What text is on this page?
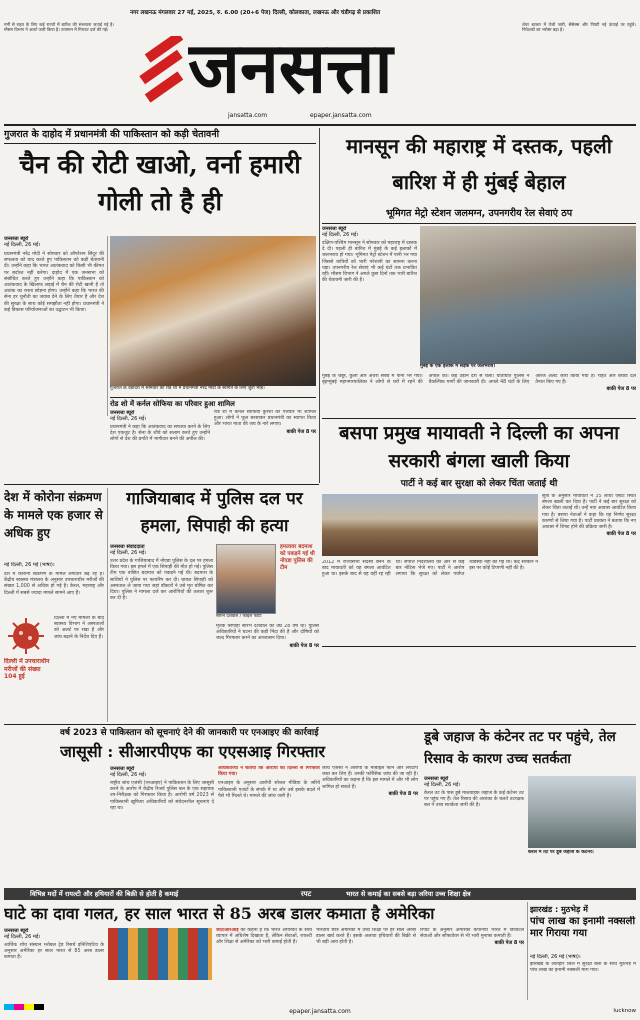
नगर लखनऊ मंगलवार 27 मई, 2025, रु. 6.00 (20+6 पेज) दिल्ली, कोलकाता, लखनऊ और चंडीगढ़ से प्रकाशित
जनसत्ता
jansatta.com	epaper.jansatta.com
गर्मी से राहत के लिए कई राज्यों में बारिश की संभावना जताई गई है। मौसम विभाग ने अलर्ट जारी किया है। तापमान में गिरावट दर्ज की गई।
शेयर बाजार में तेजी जारी, सेंसेक्स और निफ्टी नई ऊंचाई पर पहुंचे। निवेशकों का भरोसा बढ़ा है।
गुजरात के दाहोद में प्रधानमंत्री की पाकिस्तान को कड़ी चेतावनी
चैन की रोटी खाओ, वर्ना हमारी गोली तो है ही
जनसत्ता ब्यूरो
नई दिल्ली, 26 मई।
प्रधानमंत्री नरेंद्र मोदी ने सोमवार को ऑपरेशन सिंदूर की सफलता को याद करते हुए पाकिस्तान को कड़ी चेतावनी दी। उन्होंने कहा कि भारत आतंकवाद को किसी भी कीमत पर बर्दाश्त नहीं करेगा। दाहोद में एक जनसभा को संबोधित करते हुए उन्होंने कहा कि पाकिस्तान को आतंकवाद के खिलाफ लड़ाई में चैन की रोटी खानी है तो आतंक का रास्ता छोड़ना होगा। उन्होंने कहा कि भारत की सेना हर चुनौती का जवाब देने के लिए तैयार है और देश की सुरक्षा के साथ कोई समझौता नहीं होगा। प्रधानमंत्री ने कई विकास परियोजनाओं का उद्घाटन भी किया।
गुजरात के वडोदरा में सोमवार को रोड शो में प्रधानमंत्री नरेंद्र मोदी के स्वागत के लिए जुटी भीड़।
रोड शो में कर्नल सोफिया का परिवार हुआ शामिल
जनसत्ता ब्यूरो
नई दिल्ली, 26 मई।
प्रधानमंत्री ने कहा कि आतंकवाद का सफाया करने के लिए देश एकजुट है। सेना के शौर्य को सलाम करते हुए उन्होंने लोगों से देश की प्रगति में भागीदार बनने की अपील की।
रोड शो में कर्नल सोफिया कुरैशी का परिवार भी शामिल हुआ। लोगों ने फूल बरसाकर प्रधानमंत्री का स्वागत किया और भारत माता की जय के नारे लगाए।
बाकी पेज 8 पर
मानसून की महाराष्ट्र में दस्तक, पहली बारिश में ही मुंबई बेहाल
भूमिगत मेट्रो स्टेशन जलमग्न, उपनगरीय रेल सेवाएं ठप
जनसत्ता ब्यूरो
नई दिल्ली, 26 मई।
दक्षिण-पश्चिम मानसून ने सोमवार को महाराष्ट्र में दस्तक दे दी। पहली ही बारिश में मुंबई के कई इलाकों में जलभराव हो गया। भूमिगत मेट्रो स्टेशन में पानी भर गया जिससे यात्रियों को भारी परेशानी का सामना करना पड़ा। उपनगरीय रेल सेवाएं भी कई घंटों तक प्रभावित रहीं। मौसम विभाग ने अगले कुछ दिनों तक भारी बारिश की चेतावनी जारी की है।
मुंबई के एक इलाके में सड़क पर जलभराव।
मुंबई के चेंबूर, कुर्ला और अंधेरी सबवे में पानी भर गया। बृहन्मुंबई महानगरपालिका ने लोगों से घरों में रहने की अपील की। कई उड़ानें देरी से चलीं। यातायात पुलिस ने वैकल्पिक मार्गों की जानकारी दी। अगले 48 घंटों के लिए ऑरेंज अलर्ट जारी किया गया है। राहत और बचाव दल तैनात किए गए हैं।
बाकी पेज 8 पर
बसपा प्रमुख मायावती ने दिल्ली का अपना सरकारी बंगला खाली किया
पार्टी ने कई बार सुरक्षा को लेकर चिंता जताई थी
सूत्रों के अनुसार मायावती ने 35 लोधी एस्टेट स्थित बंगला खाली कर दिया है। पार्टी ने कई बार सुरक्षा को लेकर चिंता जताई थी। उन्हें नया आवास आवंटित किया गया है। बसपा नेताओं ने कहा कि यह निर्णय सुरक्षा कारणों से लिया गया है। पार्टी प्रवक्ता ने बताया कि नए आवास में शिफ्ट होने की प्रक्रिया जारी है।
बाकी पेज 8 पर
2012 में राज्यसभा सदस्य बनने के बाद मायावती को यह बंगला आवंटित हुआ था। इसके बाद से वह यहीं रह रही थीं। संपत्ति निदेशालय की ओर से कई बार नोटिस भेजे गए। पार्टी ने आरोप लगाया कि सुरक्षा को लेकर पर्याप्त व्यवस्था नहीं की गई थी। केंद्र सरकार ने इस पर कोई टिप्पणी नहीं की है।
देश में कोरोना संक्रमण के मामले एक हजार से अधिक हुए
नई दिल्ली, 26 मई (भाषा)।
देश में कोरोना संक्रमण के मामले लगातार बढ़ रहे हैं। केंद्रीय स्वास्थ्य मंत्रालय के अनुसार उपचाराधीन मरीजों की संख्या 1,000 से अधिक हो गई है। केरल, महाराष्ट्र और दिल्ली में सबसे ज्यादा मामले सामने आए हैं।
दिल्ली में उपचाराधीन मरीजों की संख्या 104 हुई
दिल्ली में नए मामलों के बाद स्वास्थ्य विभाग ने अस्पतालों को अलर्ट पर रखा है और जांच बढ़ाने के निर्देश दिए हैं।
गाजियाबाद में पुलिस दल पर हमला, सिपाही की हत्या
जनसत्ता संवाददाता
नई दिल्ली, 26 मई।
उत्तर प्रदेश के गाजियाबाद में नोएडा पुलिस के दल पर हमला किया गया। इस हमले में एक सिपाही की मौत हो गई। पुलिस टीम एक वांछित बदमाश को पकड़ने गई थी। बदमाश के साथियों ने पुलिस पर फायरिंग कर दी। घायल सिपाही को अस्पताल ले जाया गया जहां डॉक्टरों ने उसे मृत घोषित कर दिया। पुलिस ने मामला दर्ज कर आरोपियों की तलाश शुरू कर दी है।
सौरभ देशवाल / फाइल फोटो
हमलावर बदमाश को पकड़ने गई थी नोएडा पुलिस की टीम
मृतक सिपाही सौरभ देशवाल की उम्र 28 वर्ष थी। पुलिस अधिकारियों ने घटना की कड़ी निंदा की है और दोषियों को जल्द गिरफ्तार करने का आश्वासन दिया।
बाकी पेज 8 पर
वर्ष 2023 से पाकिस्तान को सूचनाएं देने की जानकारी पर एनआइए की कार्रवाई
जासूसी : सीआरपीएफ का एएसआइ गिरफ्तार
जनसत्ता ब्यूरो
नई दिल्ली, 26 मई।
राष्ट्रीय जांच एजंसी (एनआइए) ने पाकिस्तान के लिए जासूसी करने के आरोप में केंद्रीय रिजर्व पुलिस बल के एक सहायक उप-निरीक्षक को गिरफ्तार किया है। आरोपी वर्ष 2023 से पाकिस्तानी खुफिया अधिकारियों को संवेदनशील सूचनाएं दे रहा था।
अधिकारियों ने बताया कि आरोपी को दिल्ली से गिरफ्तार किया गया।
एनआइए के अनुसार आरोपी सोशल मीडिया के जरिये पाकिस्तानी एजंटों के संपर्क में था और उसे इसके बदले में पैसे भी मिलते थे। मामले की जांच जारी है।
जांच एजंसी ने आरोपी के मोबाइल फोन और लैपटॉप जब्त कर लिए हैं। उनकी फोरेंसिक जांच की जा रही है। अधिकारियों का कहना है कि इस मामले में और भी लोग शामिल हो सकते हैं।
बाकी पेज 8 पर
डूबे जहाज के कंटेनर तट पर पहुंचे, तेल रिसाव के कारण उच्च सतर्कता
जनसत्ता ब्यूरो
नई दिल्ली, 26 मई।
केरल तट के पास डूबे मालवाहक जहाज के कई कंटेनर तट पर पहुंच गए हैं। तेल रिसाव की आशंका के चलते तटरक्षक बल ने उच्च सतर्कता जारी की है।
केरल में तट पर डूबे जहाज के कंटेनर।
विभिन्न मदों में रायल्टी और हथियारों की बिक्री से होती है कमाई	रपट	भारत से कमाई का सबसे बड़ा जरिया उच्च शिक्षा क्षेत्र
घाटे का दावा गलत, हर साल भारत से 85 अरब डालर कमाता है अमेरिका
जनसत्ता ब्यूरो
नई दिल्ली, 26 मई।
आर्थिक शोध संस्थान ग्लोबल ट्रेड रिसर्च इनिशिएटिव के अनुसार अमेरिका हर साल भारत से 85 अरब डालर कमाता है।
जीटीआरआइ का कहना है कि भारत अमेरिका के साथ व्यापार में अधिशेष दिखाता है, लेकिन सेवाओं, रायल्टी और शिक्षा से अमेरिका को भारी कमाई होती है।
भारतीय छात्र अमेरिका में उच्च शिक्षा पर हर साल अरबों डालर खर्च करते हैं। इसके अलावा हथियारों की बिक्री से भी बड़ी आय होती है।
रिपोर्ट के अनुसार अमेरिकी कंपनियां भारत में डिजिटल सेवाओं और सॉफ्टवेयर से भी भारी मुनाफा कमाती हैं।
बाकी पेज 8 पर
झारखंड : मुठभेड़ में
पांच लाख का इनामी नक्सली मार गिराया गया
नई दिल्ली, 26 मई (भाषा)।
झारखंड के लातेहार जिले में सुरक्षा बलों के साथ मुठभेड़ में पांच लाख का इनामी नक्सली मारा गया।
epaper.jansatta.com	lucknow
